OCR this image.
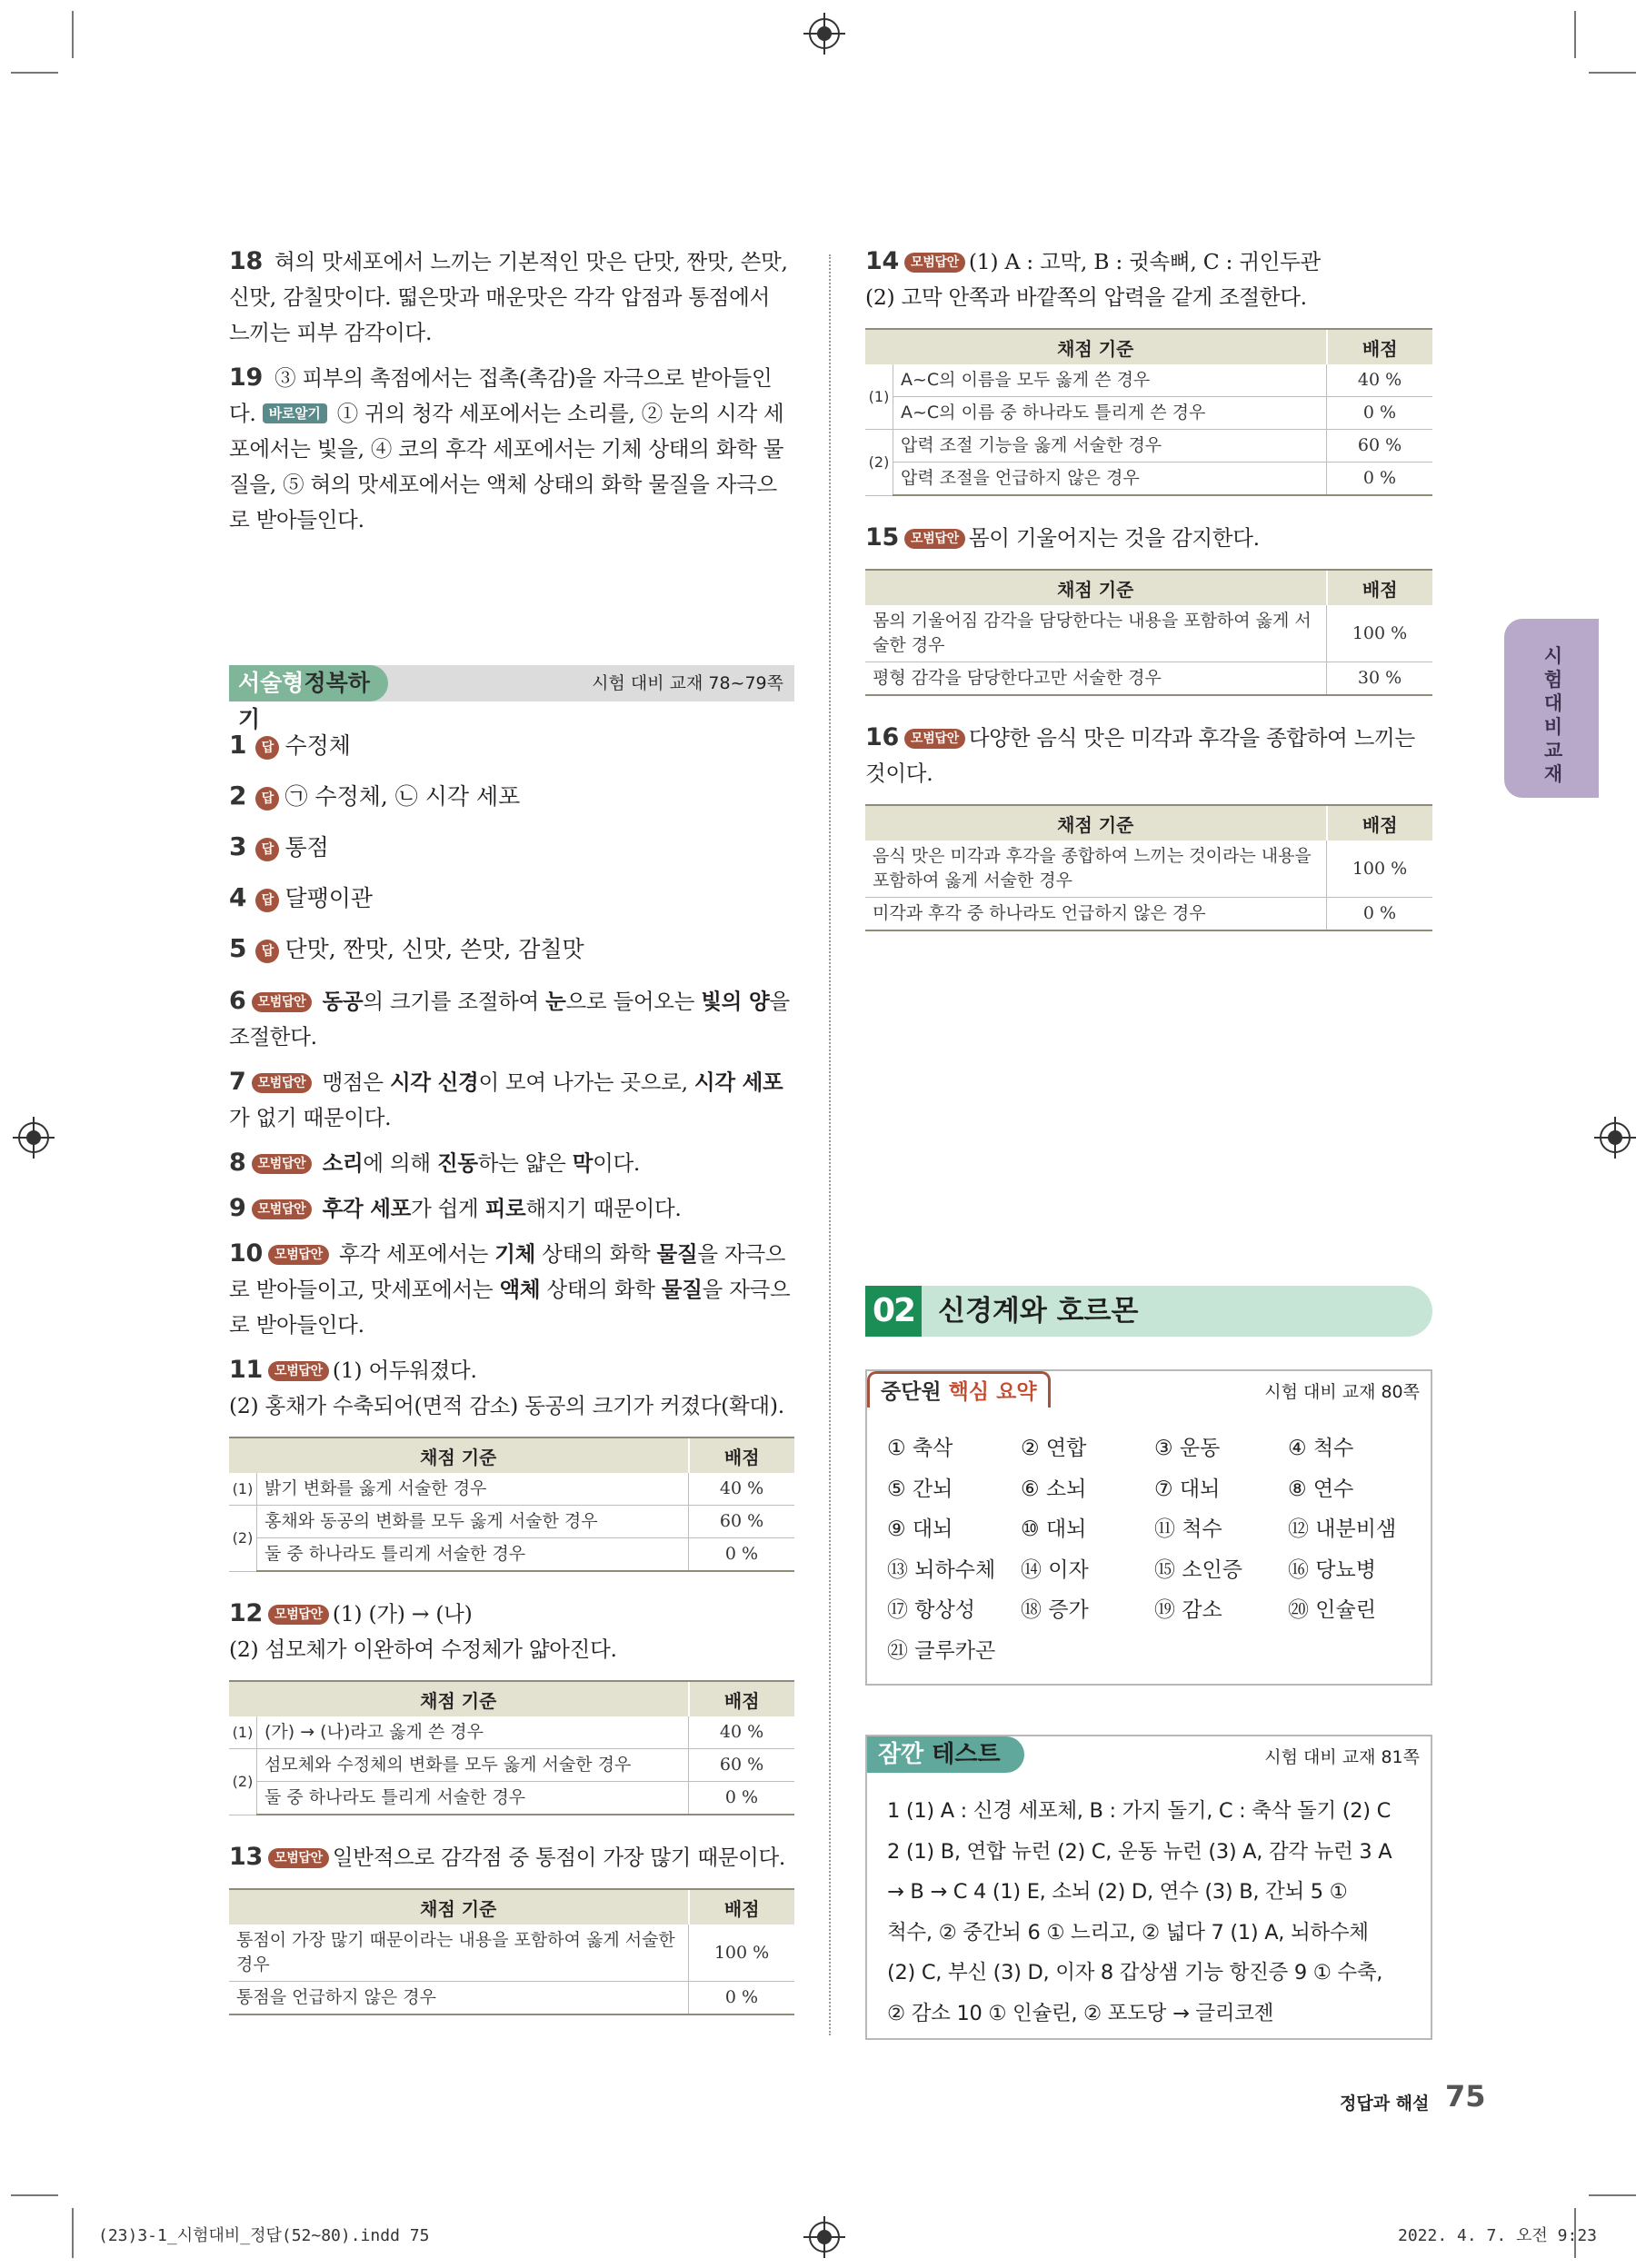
18 혀의 맛세포에서 느끼는 기본적인 맛은 단맛, 짠맛, 쓴맛, 신맛, 감칠맛이다. 떫은맛과 매운맛은 각각 압점과 통점에서 느끼는 피부 감각이다.
19 ③ 피부의 촉점에서는 접촉(촉감)을 자극으로 받아들인다. 바로알기 ① 귀의 청각 세포에서는 소리를, ② 눈의 시각 세포에서는 빛을, ④ 코의 후각 세포에서는 기체 상태의 화학 물질을, ⑤ 혀의 맛세포에서는 액체 상태의 화학 물질을 자극으로 받아들인다.
서술형정복하기
시험 대비 교재 78~79쪽
1 답 수정체
2 답 ㉠ 수정체, ㉡ 시각 세포
3 답 통점
4 답 달팽이관
5 답 단맛, 짠맛, 신맛, 쓴맛, 감칠맛
6 모범답안 동공의 크기를 조절하여 눈으로 들어오는 빛의 양을 조절한다.
7 모범답안 맹점은 시각 신경이 모여 나가는 곳으로, 시각 세포가 없기 때문이다.
8 모범답안 소리에 의해 진동하는 얇은 막이다.
9 모범답안 후각 세포가 쉽게 피로해지기 때문이다.
10 모범답안 후각 세포에서는 기체 상태의 화학 물질을 자극으로 받아들이고, 맛세포에서는 액체 상태의 화학 물질을 자극으로 받아들인다.
11 모범답안 (1) 어두워졌다.
(2) 홍채가 수축되어(면적 감소) 동공의 크기가 커졌다(확대).
채점 기준		배점
(1)	밝기 변화를 옳게 서술한 경우	40 %
(2)	홍채와 동공의 변화를 모두 옳게 서술한 경우	60 %
	둘 중 하나라도 틀리게 서술한 경우	0 %
12 모범답안 (1) (가) → (나)
(2) 섬모체가 이완하여 수정체가 얇아진다.
채점 기준		배점
(1)	(가) → (나)라고 옳게 쓴 경우	40 %
(2)	섬모체와 수정체의 변화를 모두 옳게 서술한 경우	60 %
	둘 중 하나라도 틀리게 서술한 경우	0 %
13 모범답안 일반적으로 감각점 중 통점이 가장 많기 때문이다.
채점 기준	배점
통점이 가장 많기 때문이라는 내용을 포함하여 옳게 서술한 경우	100 %
통점을 언급하지 않은 경우	0 %
14 모범답안 (1) A : 고막, B : 귓속뼈, C : 귀인두관
(2) 고막 안쪽과 바깥쪽의 압력을 같게 조절한다.
채점 기준		배점
(1)	A~C의 이름을 모두 옳게 쓴 경우	40 %
	A~C의 이름 중 하나라도 틀리게 쓴 경우	0 %
(2)	압력 조절 기능을 옳게 서술한 경우	60 %
	압력 조절을 언급하지 않은 경우	0 %
15 모범답안 몸이 기울어지는 것을 감지한다.
채점 기준	배점
몸의 기울어짐 감각을 담당한다는 내용을 포함하여 옳게 서술한 경우	100 %
평형 감각을 담당한다고만 서술한 경우	30 %
16 모범답안 다양한 음식 맛은 미각과 후각을 종합하여 느끼는 것이다.
채점 기준	배점
음식 맛은 미각과 후각을 종합하여 느끼는 것이라는 내용을 포함하여 옳게 서술한 경우	100 %
미각과 후각 중 하나라도 언급하지 않은 경우	0 %
02 신경계와 호르몬
중단원 핵심 요약	시험 대비 교재 80쪽
① 축삭	② 연합	③ 운동	④ 척수
⑤ 간뇌	⑥ 소뇌	⑦ 대뇌	⑧ 연수
⑨ 대뇌	⑩ 대뇌	⑪ 척수	⑫ 내분비샘
⑬ 뇌하수체	⑭ 이자	⑮ 소인증	⑯ 당뇨병
⑰ 항상성	⑱ 증가	⑲ 감소	⑳ 인슐린
㉑ 글루카곤
잠깐 테스트	시험 대비 교재 81쪽
1 (1) A : 신경 세포체, B : 가지 돌기, C : 축삭 돌기 (2) C
2 (1) B, 연합 뉴런 (2) C, 운동 뉴런 (3) A, 감각 뉴런 3 A
→ B → C 4 (1) E, 소뇌 (2) D, 연수 (3) B, 간뇌 5 ①
척수, ② 중간뇌 6 ① 느리고, ② 넓다 7 (1) A, 뇌하수체
(2) C, 부신 (3) D, 이자 8 갑상샘 기능 항진증 9 ① 수축,
② 감소 10 ① 인슐린, ② 포도당 → 글리코젠
시
험
대
비
교
재
정답과 해설 75
(23)3-1_시험대비_정답(52~80).indd 75	2022. 4. 7. 오전 9:23
